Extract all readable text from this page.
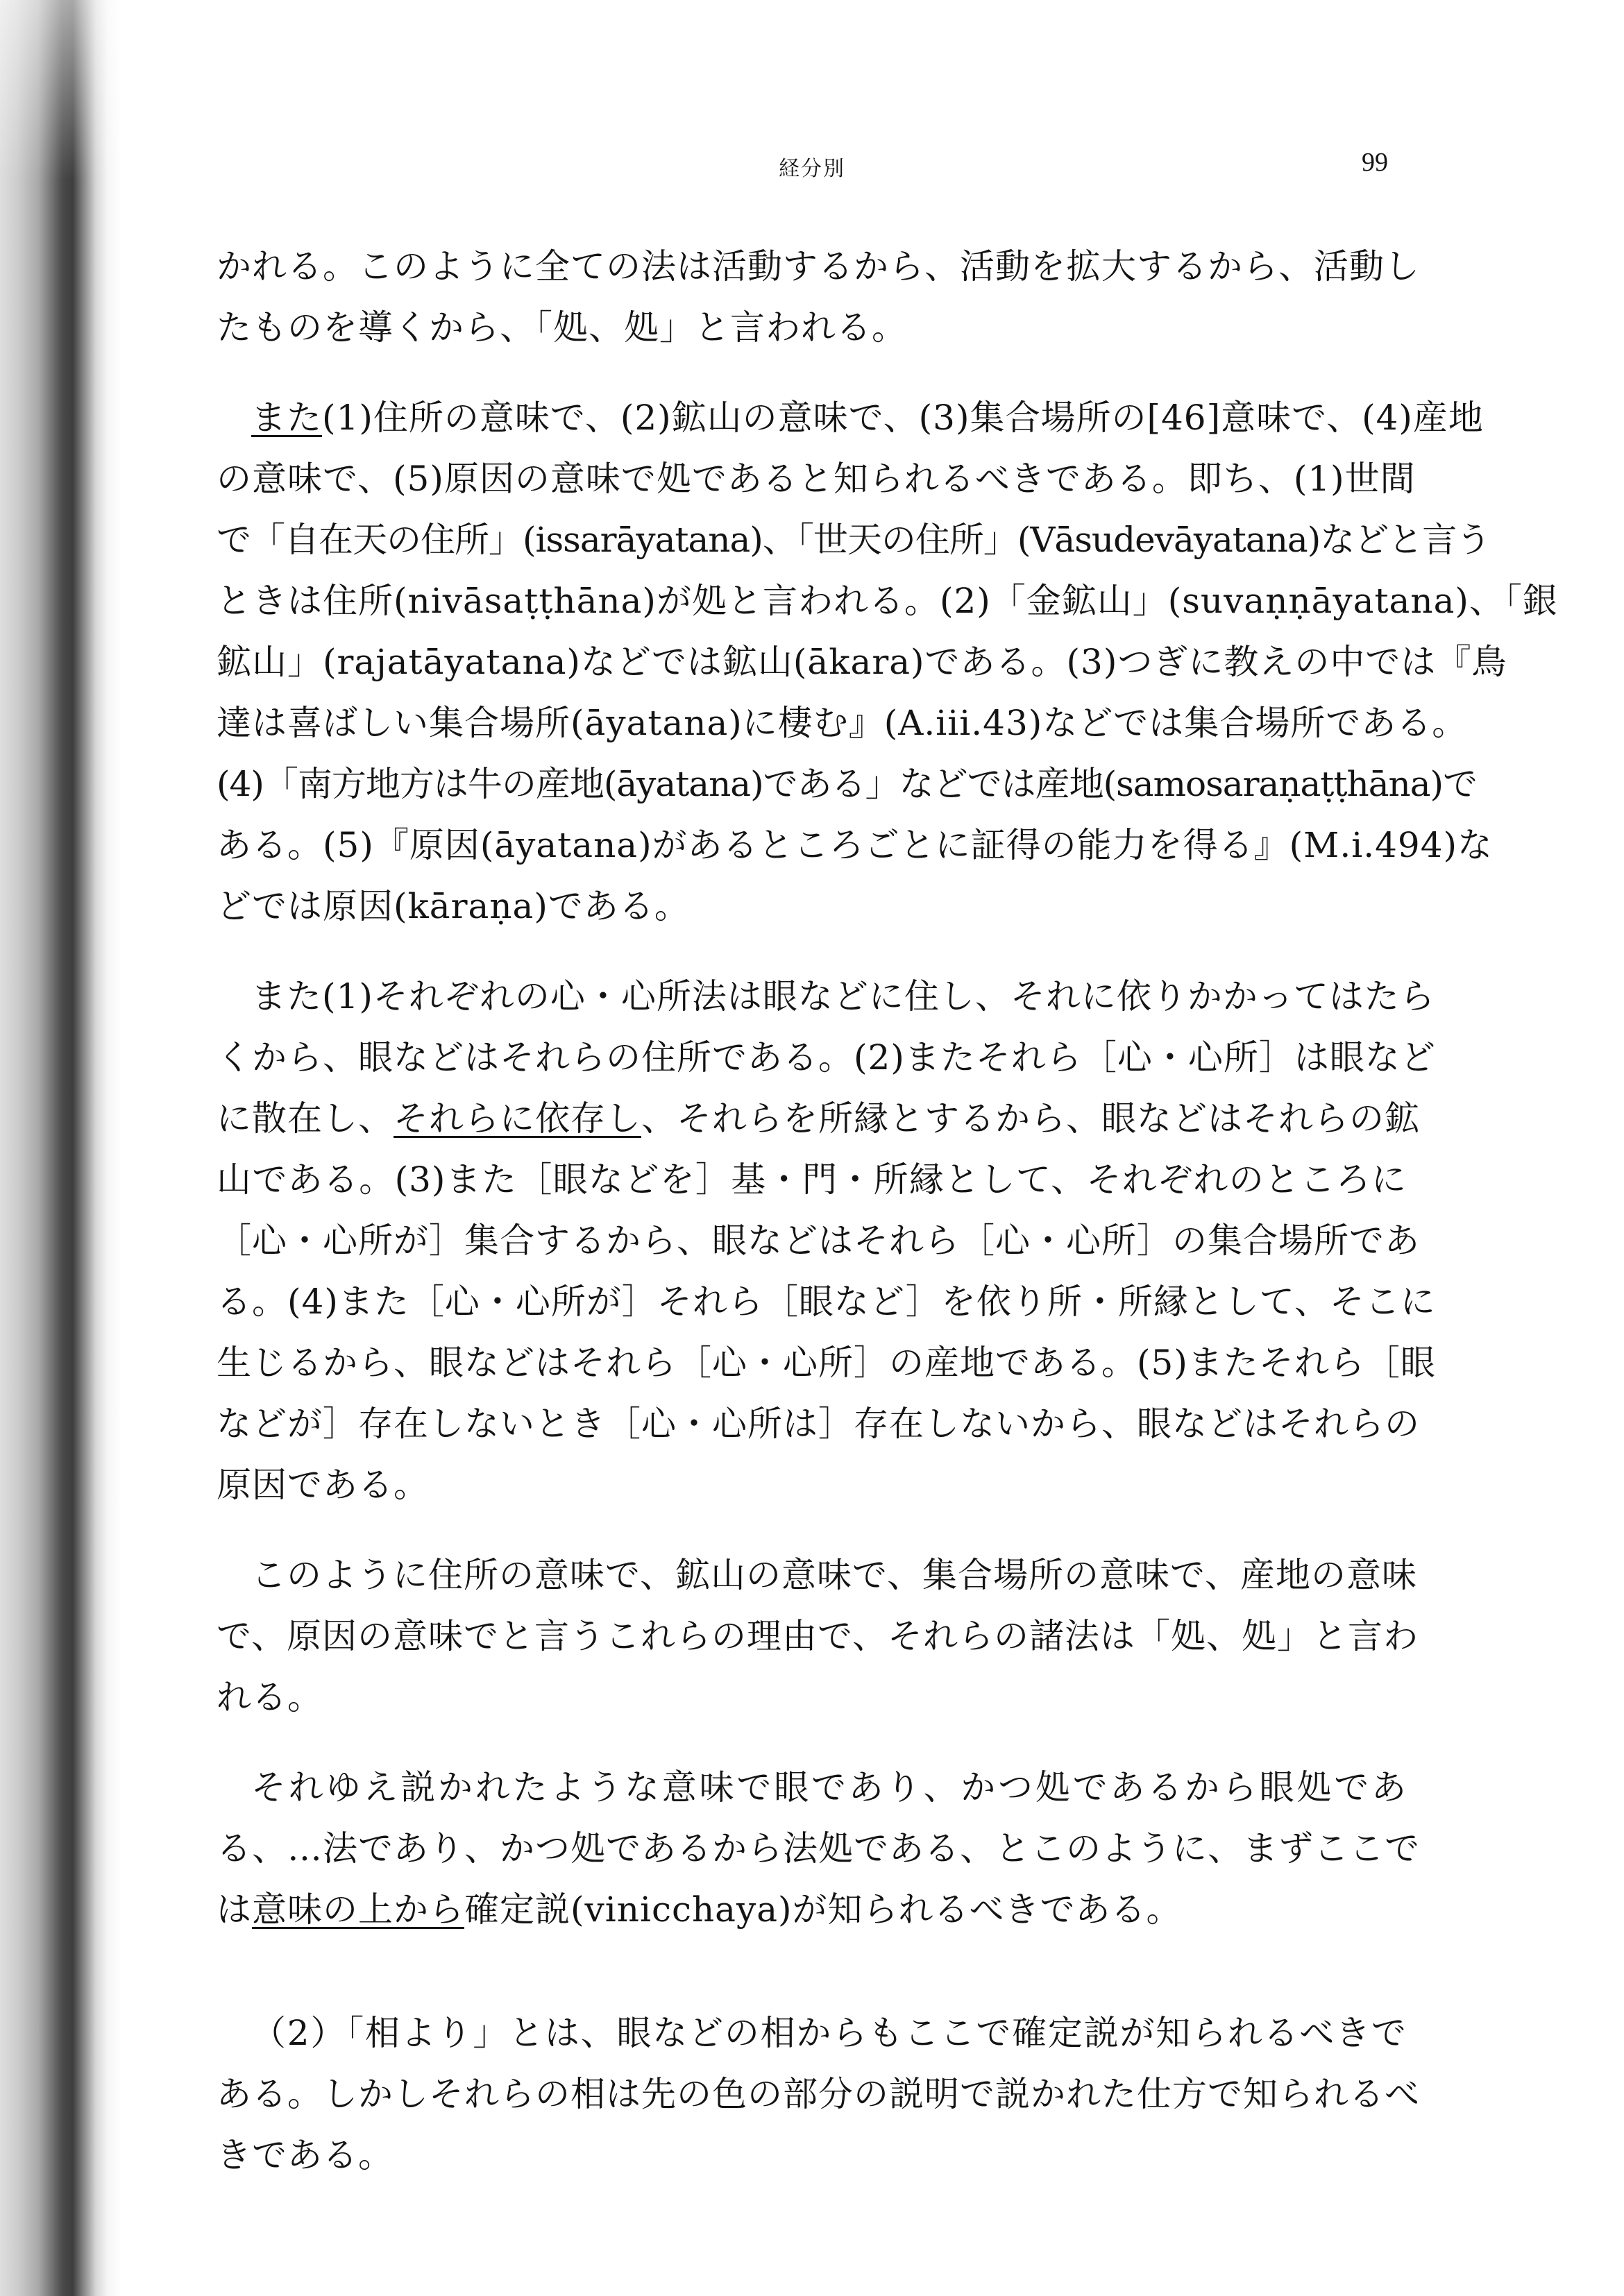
経分別	99
かれる。このように全ての法は活動するから、活動を拡大するから、活動し
たものを導くから、「処、処」と言われる。
また(1)住所の意味で、(2)鉱山の意味で、(3)集合場所の[46]意味で、(4)産地
の意味で、(5)原因の意味で処であると知られるべきである。即ち、(1)世間
で「自在天の住所」(issarāyatana)、「世天の住所」(Vāsudevāyatana)などと言う
ときは住所(nivāsaṭṭhāna)が処と言われる。(2)「金鉱山」(suvaṇṇāyatana)、「銀
鉱山」(rajatāyatana)などでは鉱山(ākara)である。(3)つぎに教えの中では『鳥
達は喜ばしい集合場所(āyatana)に棲む』(A.iii.43)などでは集合場所である。
(4)「南方地方は牛の産地(āyatana)である」などでは産地(samosaraṇaṭṭhāna)で
ある。(5)『原因(āyatana)があるところごとに証得の能力を得る』(M.i.494)な
どでは原因(kāraṇa)である。
また(1)それぞれの心・心所法は眼などに住し、それに依りかかってはたら
くから、眼などはそれらの住所である。(2)またそれら［心・心所］は眼など
に散在し、それらに依存し、それらを所縁とするから、眼などはそれらの鉱
山である。(3)また［眼などを］基・門・所縁として、それぞれのところに
［心・心所が］集合するから、眼などはそれら［心・心所］の集合場所であ
る。(4)また［心・心所が］それら［眼など］を依り所・所縁として、そこに
生じるから、眼などはそれら［心・心所］の産地である。(5)またそれら［眼
などが］存在しないとき［心・心所は］存在しないから、眼などはそれらの
原因である。
このように住所の意味で、鉱山の意味で、集合場所の意味で、産地の意味
で、原因の意味でと言うこれらの理由で、それらの諸法は「処、処」と言わ
れる。
それゆえ説かれたような意味で眼であり、かつ処であるから眼処であ
る、…法であり、かつ処であるから法処である、とこのように、まずここで
は意味の上から確定説(vinicchaya)が知られるべきである。
（2）「相より」とは、眼などの相からもここで確定説が知られるべきで
ある。しかしそれらの相は先の色の部分の説明で説かれた仕方で知られるべ
きである。
